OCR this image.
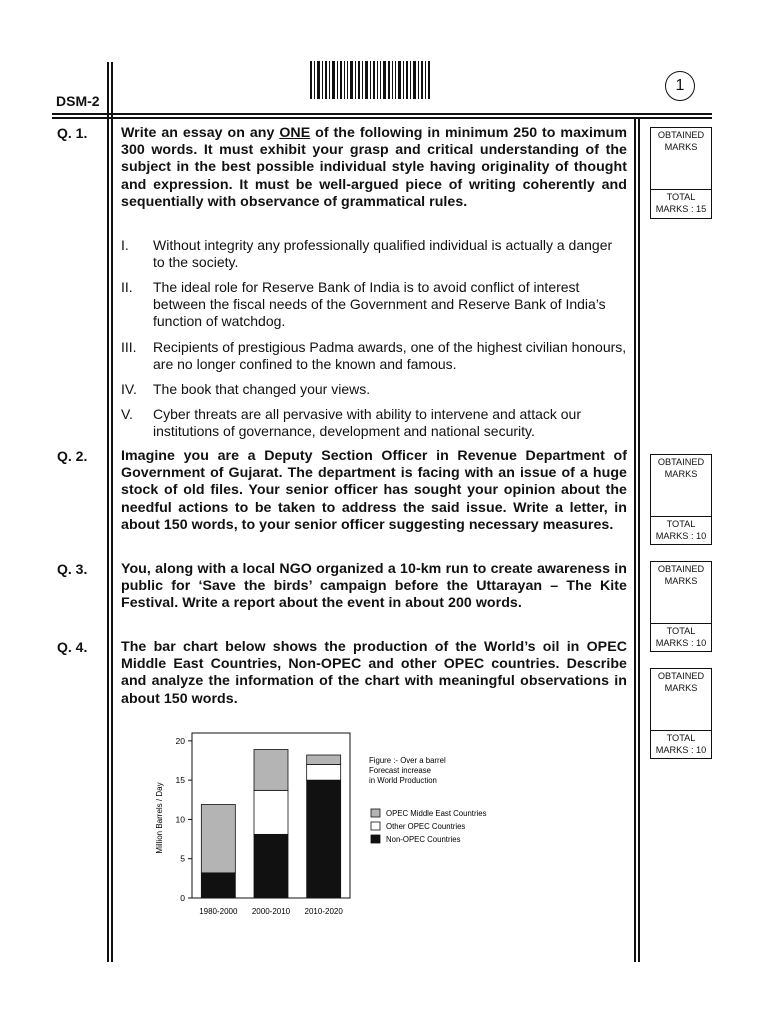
DSM-2
1
Q. 1. Write an essay on any ONE of the following in minimum 250 to maximum 300 words. It must exhibit your grasp and critical understanding of the subject in the best possible individual style having originality of thought and expression. It must be well-argued piece of writing coherently and sequentially with observance of grammatical rules.
I. Without integrity any professionally qualified individual is actually a danger to the society.
II. The ideal role for Reserve Bank of India is to avoid conflict of interest between the fiscal needs of the Government and Reserve Bank of India’s function of watchdog.
III. Recipients of prestigious Padma awards, one of the highest civilian honours, are no longer confined to the known and famous.
IV. The book that changed your views.
V. Cyber threats are all pervasive with ability to intervene and attack our institutions of governance, development and national security.
OBTAINED MARKS
TOTAL MARKS : 15
Q. 2. Imagine you are a Deputy Section Officer in Revenue Department of Government of Gujarat. The department is facing with an issue of a huge stock of old files. Your senior officer has sought your opinion about the needful actions to be taken to address the said issue. Write a letter, in about 150 words, to your senior officer suggesting necessary measures.
OBTAINED MARKS
TOTAL MARKS : 10
Q. 3. You, along with a local NGO organized a 10-km run to create awareness in public for ‘Save the birds’ campaign before the Uttarayan – The Kite Festival. Write a report about the event in about 200 words.
OBTAINED MARKS
TOTAL MARKS : 10
Q. 4. The bar chart below shows the production of the World’s oil in OPEC Middle East Countries, Non-OPEC and other OPEC countries. Describe and analyze the information of the chart with meaningful observations in about 150 words.
OBTAINED MARKS
TOTAL MARKS : 10
Million Barrels / Day
0
5
10
15
20
1980-2000 2000-2010 2010-2020
Figure :- Over a barrel
Forecast increase
in World Production
OPEC Middle East Countries
Other OPEC Countries
Non-OPEC Countries
